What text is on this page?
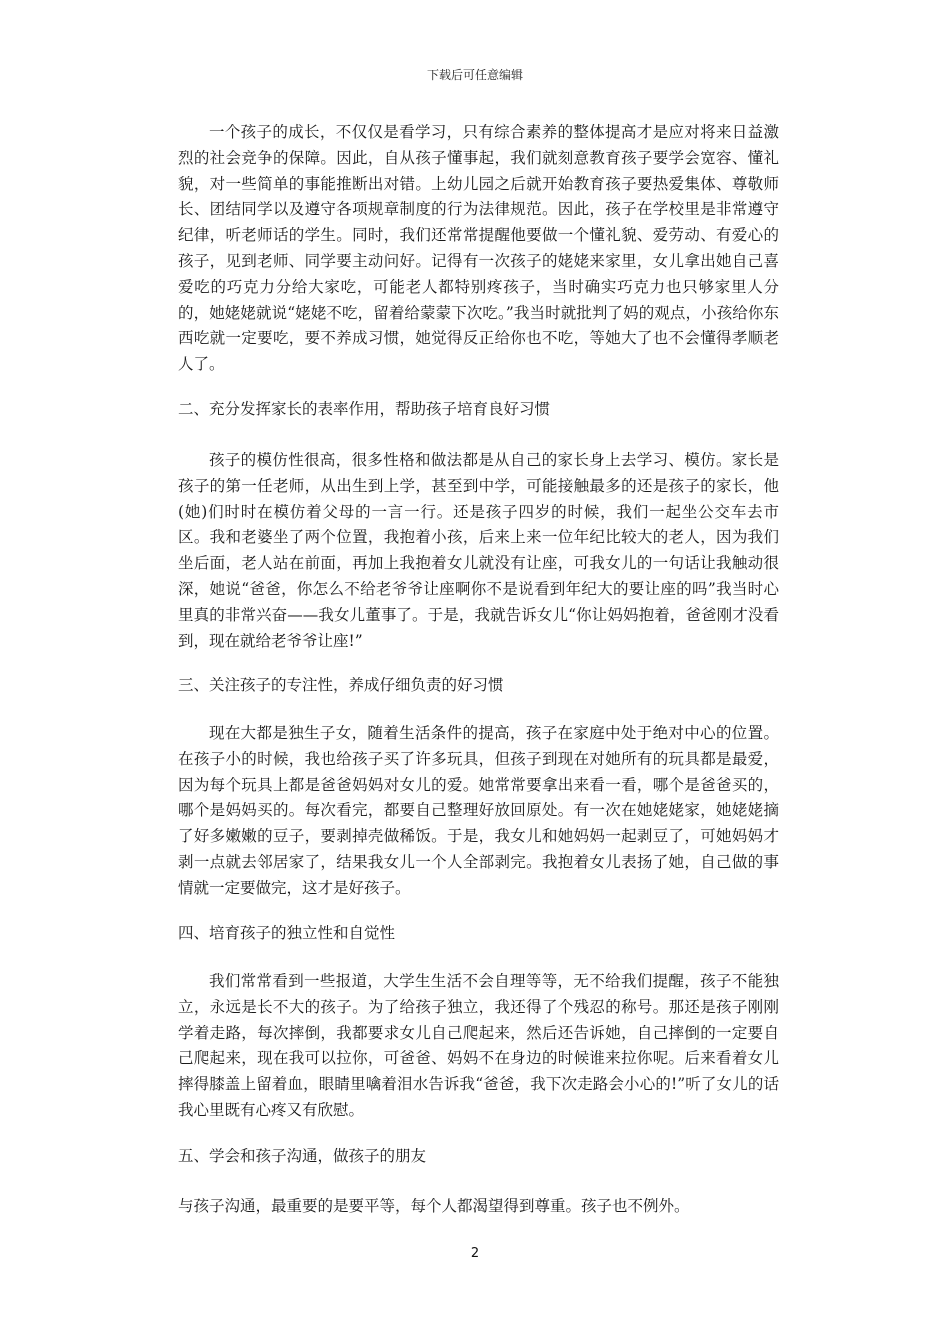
下载后可任意编辑

一个孩子的成长，不仅仅是看学习，只有综合素养的整体提高才是应对将来日益激烈的社会竞争的保障。因此，自从孩子懂事起，我们就刻意教育孩子要学会宽容、懂礼貌，对一些简单的事能推断出对错。上幼儿园之后就开始教育孩子要热爱集体、尊敬师长、团结同学以及遵守各项规章制度的行为法律规范。因此，孩子在学校里是非常遵守纪律，听老师话的学生。同时，我们还常常提醒他要做一个懂礼貌、爱劳动、有爱心的孩子，见到老师、同学要主动问好。记得有一次孩子的姥姥来家里，女儿拿出她自己喜爱吃的巧克力分给大家吃，可能老人都特别疼孩子，当时确实巧克力也只够家里人分的，她姥姥就说“姥姥不吃，留着给蒙蒙下次吃。”我当时就批判了妈的观点，小孩给你东西吃就一定要吃，要不养成习惯，她觉得反正给你也不吃，等她大了也不会懂得孝顺老人了。

二、充分发挥家长的表率作用，帮助孩子培育良好习惯

孩子的模仿性很高，很多性格和做法都是从自己的家长身上去学习、模仿。家长是孩子的第一任老师，从出生到上学，甚至到中学，可能接触最多的还是孩子的家长，他(她)们时时在模仿着父母的一言一行。还是孩子四岁的时候，我们一起坐公交车去市区。我和老婆坐了两个位置，我抱着小孩，后来上来一位年纪比较大的老人，因为我们坐后面，老人站在前面，再加上我抱着女儿就没有让座，可我女儿的一句话让我触动很深，她说“爸爸，你怎么不给老爷爷让座啊你不是说看到年纪大的要让座的吗”我当时心里真的非常兴奋——我女儿董事了。于是，我就告诉女儿“你让妈妈抱着，爸爸刚才没看到，现在就给老爷爷让座!”

三、关注孩子的专注性，养成仔细负责的好习惯

现在大都是独生子女，随着生活条件的提高，孩子在家庭中处于绝对中心的位置。在孩子小的时候，我也给孩子买了许多玩具，但孩子到现在对她所有的玩具都是最爱，因为每个玩具上都是爸爸妈妈对女儿的爱。她常常要拿出来看一看，哪个是爸爸买的，哪个是妈妈买的。每次看完，都要自己整理好放回原处。有一次在她姥姥家，她姥姥摘了好多嫩嫩的豆子，要剥掉壳做稀饭。于是，我女儿和她妈妈一起剥豆了，可她妈妈才剥一点就去邻居家了，结果我女儿一个人全部剥完。我抱着女儿表扬了她，自己做的事情就一定要做完，这才是好孩子。

四、培育孩子的独立性和自觉性

我们常常看到一些报道，大学生生活不会自理等等，无不给我们提醒，孩子不能独立，永远是长不大的孩子。为了给孩子独立，我还得了个残忍的称号。那还是孩子刚刚学着走路，每次摔倒，我都要求女儿自己爬起来，然后还告诉她，自己摔倒的一定要自己爬起来，现在我可以拉你，可爸爸、妈妈不在身边的时候谁来拉你呢。后来看着女儿摔得膝盖上留着血，眼睛里噙着泪水告诉我“爸爸，我下次走路会小心的!”听了女儿的话我心里既有心疼又有欣慰。

五、学会和孩子沟通，做孩子的朋友

与孩子沟通，最重要的是要平等，每个人都渴望得到尊重。孩子也不例外。

2
